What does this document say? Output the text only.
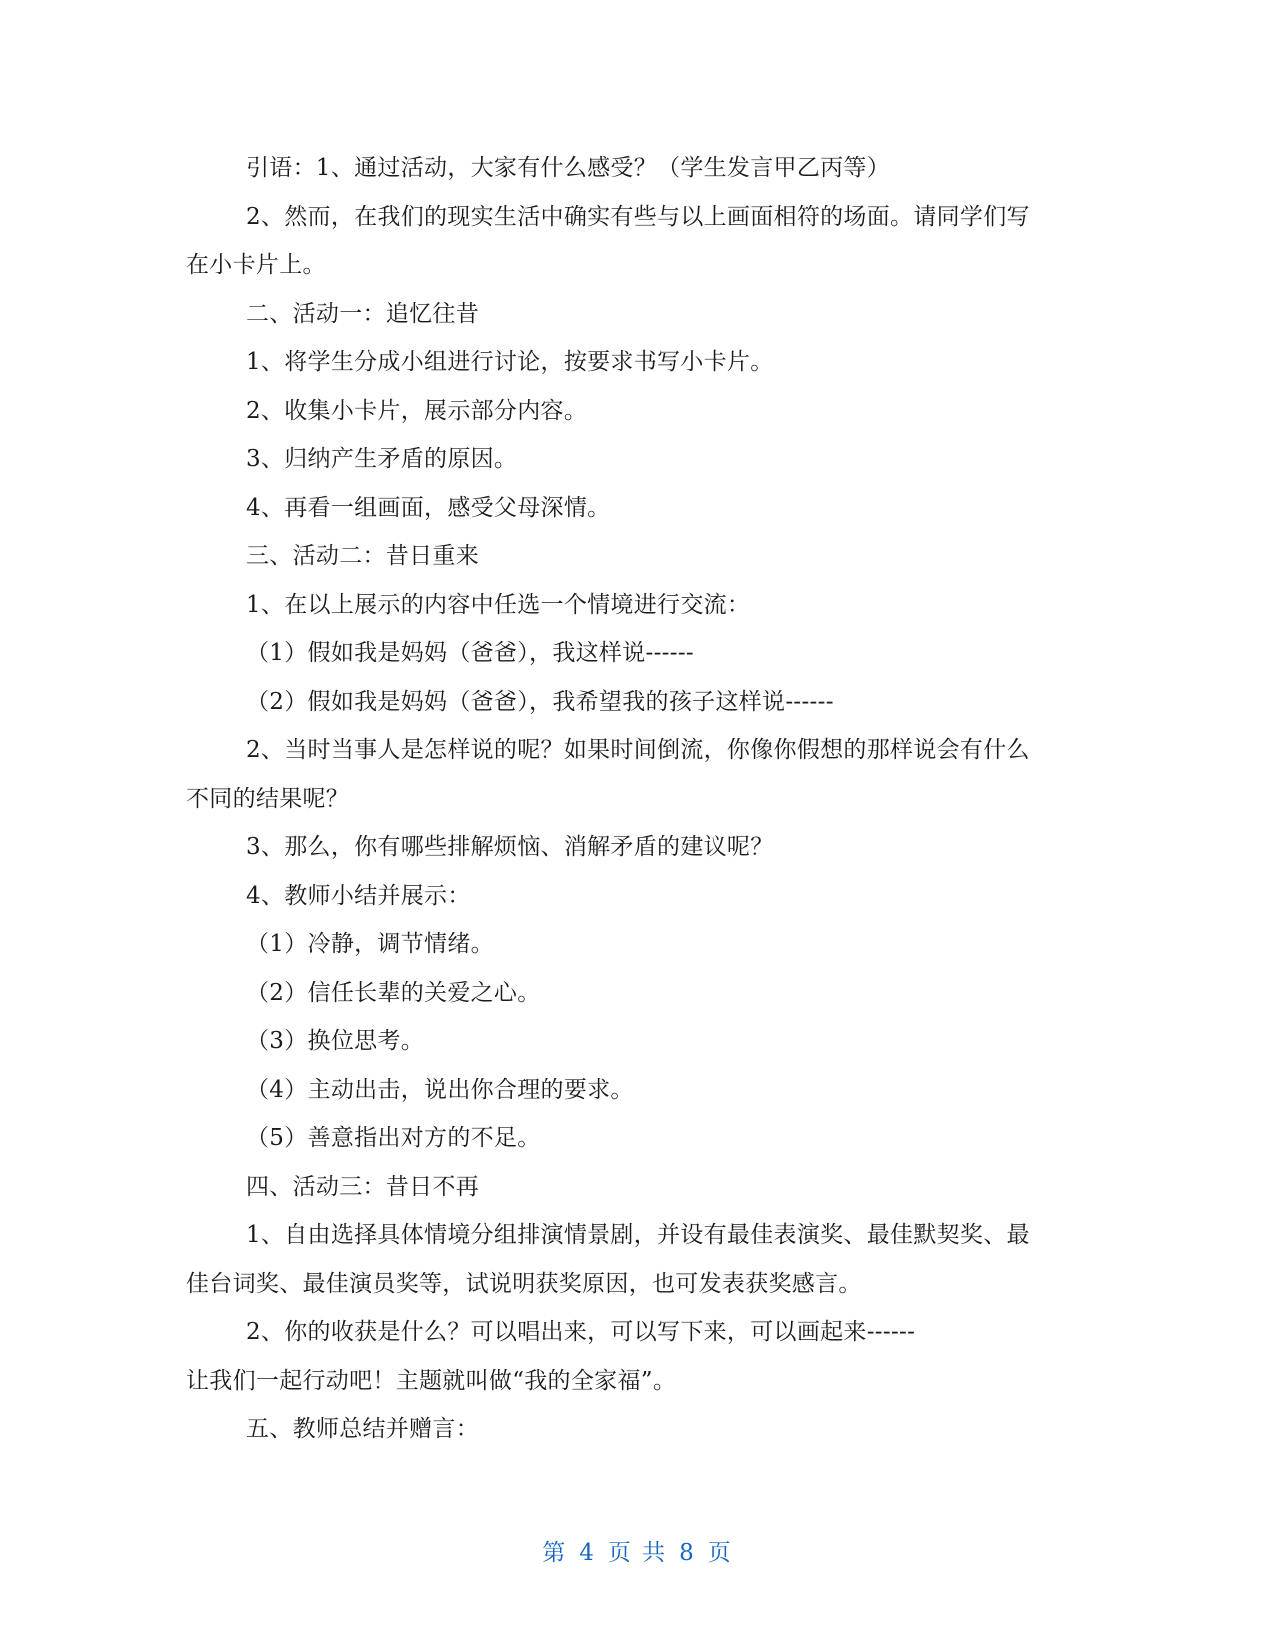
引语：1、通过活动，大家有什么感受？（学生发言甲乙丙等）
2、然而，在我们的现实生活中确实有些与以上画面相符的场面。请同学们写
在小卡片上。
二、活动一：追忆往昔
1、将学生分成小组进行讨论，按要求书写小卡片。
2、收集小卡片，展示部分内容。
3、归纳产生矛盾的原因。
4、再看一组画面，感受父母深情。
三、活动二：昔日重来
1、在以上展示的内容中任选一个情境进行交流：
（1）假如我是妈妈（爸爸），我这样说------
（2）假如我是妈妈（爸爸），我希望我的孩子这样说------
2、当时当事人是怎样说的呢？如果时间倒流，你像你假想的那样说会有什么
不同的结果呢？
3、那么，你有哪些排解烦恼、消解矛盾的建议呢？
4、教师小结并展示：
（1）冷静，调节情绪。
（2）信任长辈的关爱之心。
（3）换位思考。
（4）主动出击，说出你合理的要求。
（5）善意指出对方的不足。
四、活动三：昔日不再
1、自由选择具体情境分组排演情景剧，并设有最佳表演奖、最佳默契奖、最
佳台词奖、最佳演员奖等，试说明获奖原因，也可发表获奖感言。
2、你的收获是什么？可以唱出来，可以写下来，可以画起来------
让我们一起行动吧！主题就叫做“我的全家福”。
五、教师总结并赠言：
第 4 页 共 8 页
